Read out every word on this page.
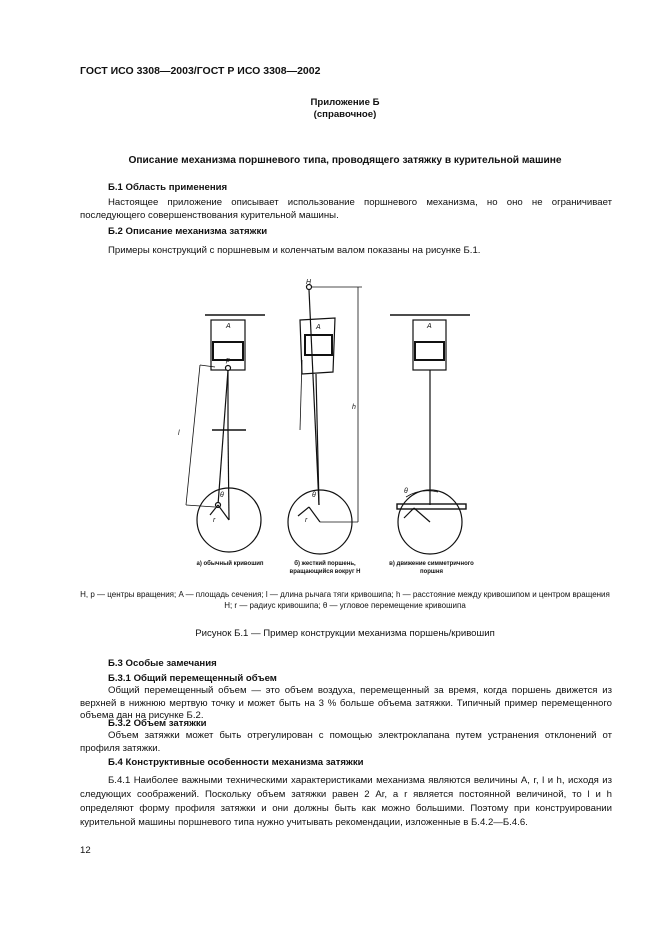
ГОСТ ИСО 3308—2003/ГОСТ Р ИСО 3308—2002
Приложение Б
(справочное)
Описание механизма поршневого типа, проводящего затяжку в курительной машине
Б.1 Область применения
Настоящее приложение описывает использование поршневого механизма, но оно не ограничивает последующего совершенствования курительной машины.
Б.2 Описание механизма затяжки
Примеры конструкций с поршневым и коленчатым валом показаны на рисунке Б.1.
H
A	A	A
p
l
h
θ	θ
θ
r	r
а) обычный кривошип	б) жесткий поршень, вращающийся вокруг H
в) движение симметричного поршня
H, p — центры вращения; A — площадь сечения; l — длина рычага тяги кривошипа; h — расстояние между кривошипом и центром вращения H; r — радиус кривошипа; θ — угловое перемещение кривошипа
Рисунок Б.1 — Пример конструкции механизма поршень/кривошип
Б.3 Особые замечания
Б.3.1 Общий перемещенный объем
Общий перемещенный объем — это объем воздуха, перемещенный за время, когда поршень движется из верхней в нижнюю мертвую точку и может быть на 3 % больше объема затяжки. Типичный пример перемещенного объема дан на рисунке Б.2.
Б.3.2 Объем затяжки
Объем затяжки может быть отрегулирован с помощью электроклапана путем устранения отклонений от профиля затяжки.
Б.4 Конструктивные особенности механизма затяжки
Б.4.1 Наиболее важными техническими характеристиками механизма являются величины A, r, l и h, исходя из следующих соображений. Поскольку объем затяжки равен 2 Ar, а r является постоянной величиной, то l и h определяют форму профиля затяжки и они должны быть как можно большими. Поэтому при конструировании курительной машины поршневого типа нужно учитывать рекомендации, изложенные в Б.4.2—Б.4.6.
12
